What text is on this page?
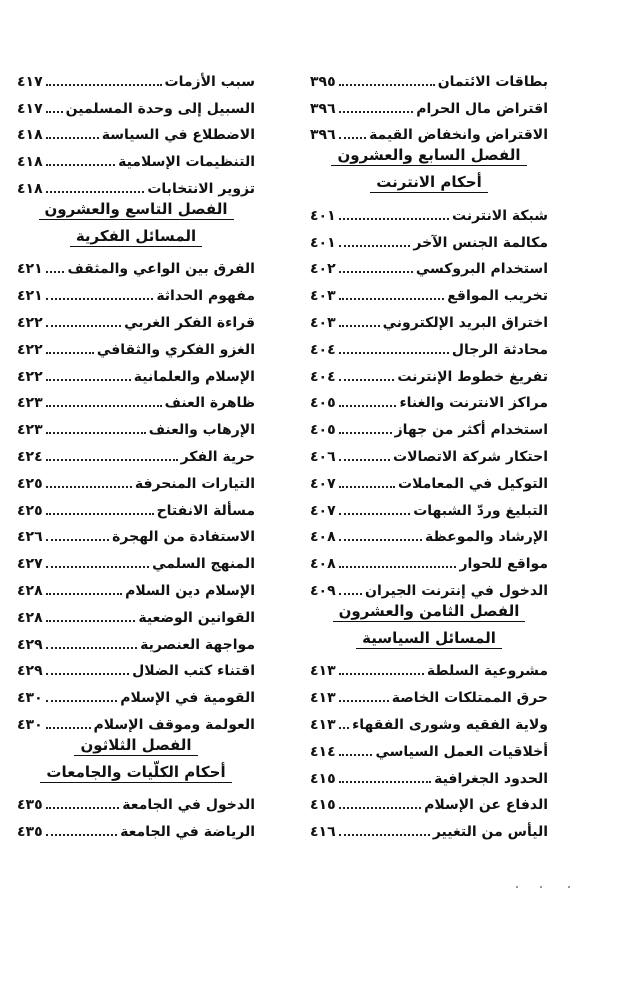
بطاقات الائتمان
٣٩٥
اقتراض مال الحرام
٣٩٦
الاقتراض وانخفاض القيمة
٣٩٦
الفصل السابع والعشرون
أحكام الانترنت
شبكة الانترنت
٤٠١
مكالمة الجنس الآخر
٤٠١
استخدام البروكسي
٤٠٢
تخريب المواقع
٤٠٣
اختراق البريد الإلكتروني
٤٠٣
محادثة الرجال
٤٠٤
تفريغ خطوط الإنترنت
٤٠٤
مراكز الانترنت والغناء
٤٠٥
استخدام أكثر من جهاز
٤٠٥
احتكار شركة الاتصالات
٤٠٦
التوكيل في المعاملات
٤٠٧
التبليغ وردّ الشبهات
٤٠٧
الإرشاد والموعظة
٤٠٨
مواقع للحوار
٤٠٨
الدخول في إنترنت الجيران
٤٠٩
الفصل الثامن والعشرون
المسائل السياسية
مشروعية السلطة
٤١٣
حرق الممتلكات الخاصة
٤١٣
ولاية الفقيه وشورى الفقهاء
٤١٣
أخلاقيات العمل السياسي
٤١٤
الحدود الجغرافية
٤١٥
الدفاع عن الإسلام
٤١٥
اليأس من التغيير
٤١٦
سبب الأزمات
٤١٧
السبيل إلى وحدة المسلمين
٤١٧
الاضطلاع في السياسة
٤١٨
التنظيمات الإسلامية
٤١٨
تزوير الانتخابات
٤١٨
الفصل التاسع والعشرون
المسائل الفكرية
الفرق بين الواعي والمثقف
٤٢١
مفهوم الحداثة
٤٢١
قراءة الفكر الغربي
٤٢٢
الغزو الفكري والثقافي
٤٢٢
الإسلام والعلمانية
٤٢٢
ظاهرة العنف
٤٢٣
الإرهاب والعنف
٤٢٣
حرية الفكر
٤٢٤
التيارات المنحرفة
٤٢٥
مسألة الانفتاح
٤٢٥
الاستفادة من الهجرة
٤٢٦
المنهج السلمي
٤٢٧
الإسلام دين السلام
٤٢٨
القوانين الوضعية
٤٢٨
مواجهة العنصرية
٤٢٩
اقتناء كتب الضلال
٤٢٩
القومية في الإسلام
٤٣٠
العولمة وموقف الإسلام
٤٣٠
الفصل الثلاثون
أحكام الكلّيات والجامعات
الدخول في الجامعة
٤٣٥
الرياضة في الجامعة
٤٣٥
